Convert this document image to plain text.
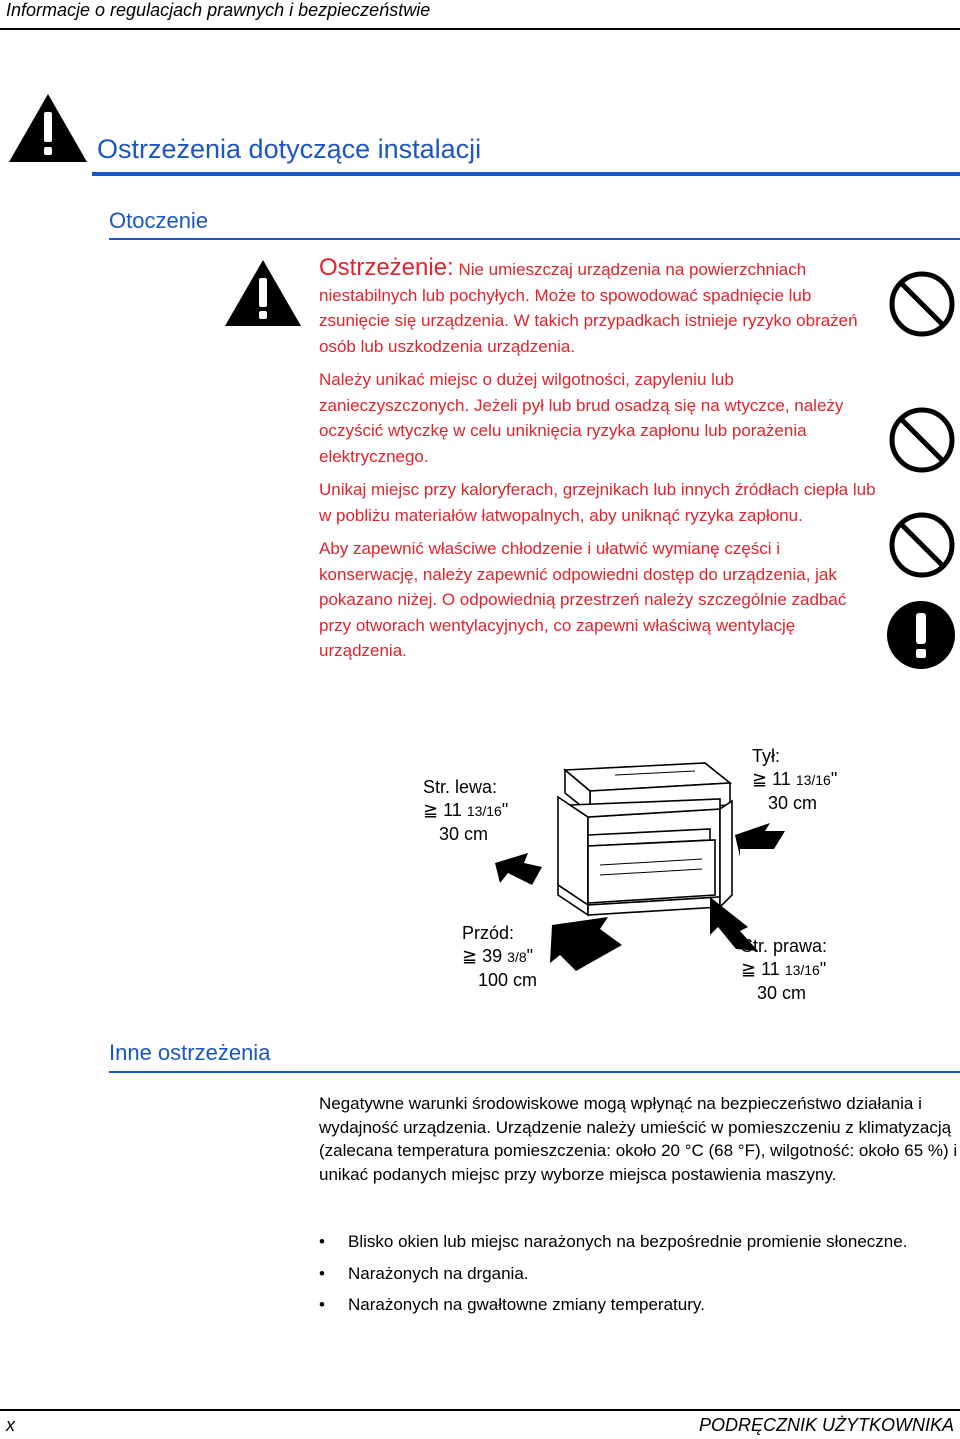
Informacje o regulacjach prawnych i bezpieczeństwie
Ostrzeżenia dotyczące instalacji
Otoczenie

Ostrzeżenie: Nie umieszczaj urządzenia na powierzchniach niestabilnych lub pochyłych. Może to spowodować spadnięcie lub zsunięcie się urządzenia. W takich przypadkach istnieje ryzyko obrażeń osób lub uszkodzenia urządzenia.

Należy unikać miejsc o dużej wilgotności, zapyleniu lub zanieczyszczonych. Jeżeli pył lub brud osadzą się na wtyczce, należy oczyścić wtyczkę w celu uniknięcia ryzyka zapłonu lub porażenia elektrycznego.

Unikaj miejsc przy kaloryferach, grzejnikach lub innych źródłach ciepła lub w pobliżu materiałów łatwopalnych, aby uniknąć ryzyka zapłonu.

Aby zapewnić właściwe chłodzenie i ułatwić wymianę części i konserwację, należy zapewnić odpowiedni dostęp do urządzenia, jak pokazano niżej. O odpowiednią przestrzeń należy szczególnie zadbać przy otworach wentylacyjnych, co zapewni właściwą wentylację urządzenia.

Str. lewa:
≧ 11 13/16"
30 cm
Tył:
≧ 11 13/16"
30 cm
Przód:
≧ 39 3/8"
100 cm
Str. prawa:
≧ 11 13/16"
30 cm
Inne ostrzeżenia
Negatywne warunki środowiskowe mogą wpłynąć na bezpieczeństwo działania i wydajność urządzenia. Urządzenie należy umieścić w pomieszczeniu z klimatyzacją (zalecana temperatura pomieszczenia: około 20 °C (68 °F), wilgotność: około 65 %) i unikać podanych miejsc przy wyborze miejsca postawienia maszyny.
• Blisko okien lub miejsc narażonych na bezpośrednie promienie słoneczne.
• Narażonych na drgania.
• Narażonych na gwałtowne zmiany temperatury.
x	PODRĘCZNIK UŻYTKOWNIKA
